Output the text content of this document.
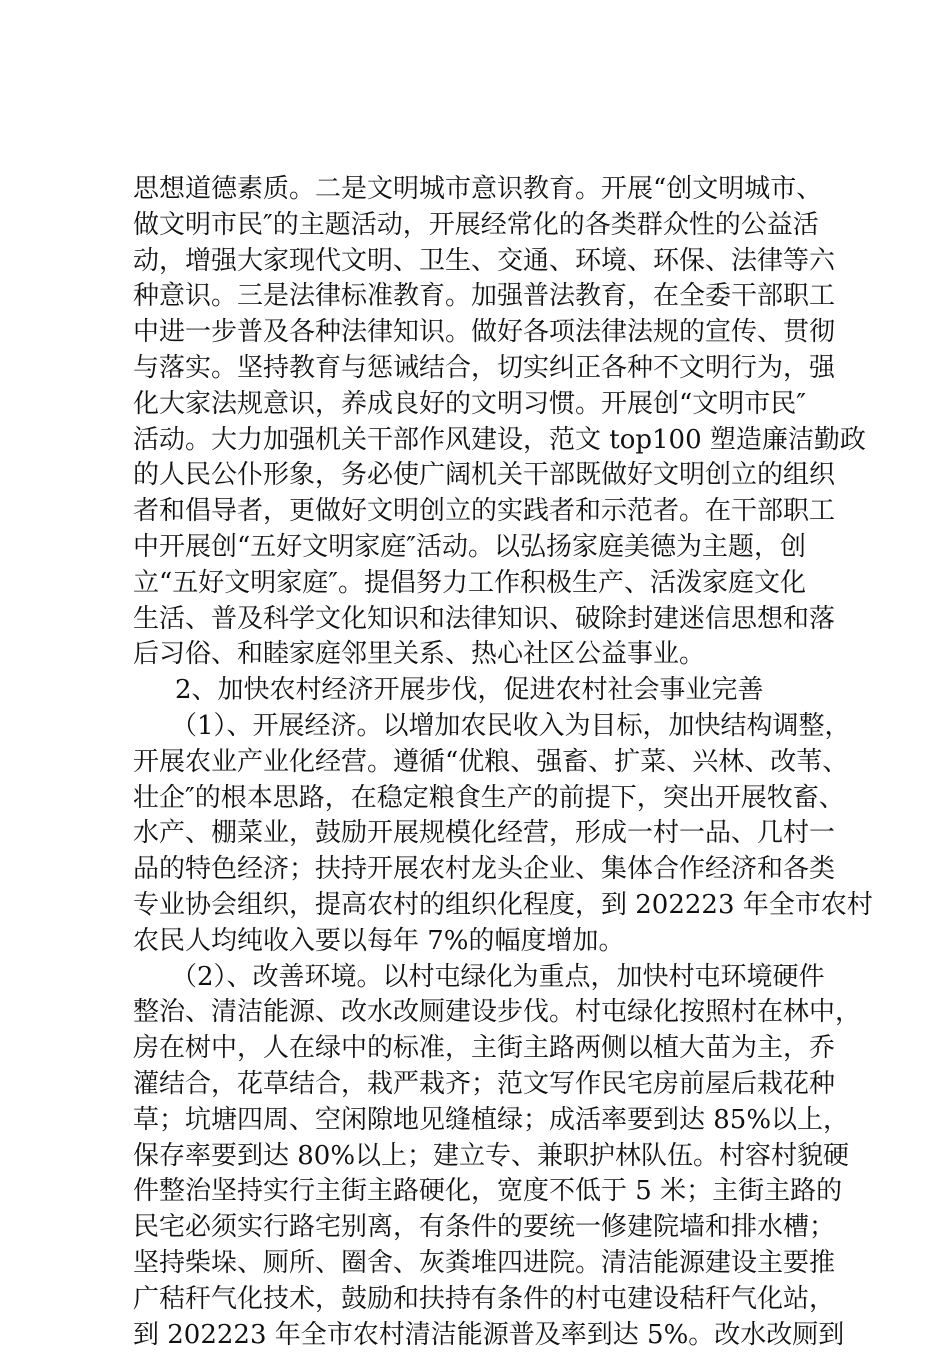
思想道德素质。二是文明城市意识教育。开展“创文明城市、
做文明市民″的主题活动，开展经常化的各类群众性的公益活
动，增强大家现代文明、卫生、交通、环境、环保、法律等六
种意识。三是法律标准教育。加强普法教育，在全委干部职工
中进一步普及各种法律知识。做好各项法律法规的宣传、贯彻
与落实。坚持教育与惩诫结合，切实纠正各种不文明行为，强
化大家法规意识，养成良好的文明习惯。开展创“文明市民″
活动。大力加强机关干部作风建设，范文 top100 塑造廉洁勤政
的人民公仆形象，务必使广阔机关干部既做好文明创立的组织
者和倡导者，更做好文明创立的实践者和示范者。在干部职工
中开展创“五好文明家庭″活动。以弘扬家庭美德为主题，创
立“五好文明家庭″。提倡努力工作积极生产、活泼家庭文化
生活、普及科学文化知识和法律知识、破除封建迷信思想和落
后习俗、和睦家庭邻里关系、热心社区公益事业。
2、加快农村经济开展步伐，促进农村社会事业完善
（1）、开展经济。以增加农民收入为目标，加快结构调整，
开展农业产业化经营。遵循“优粮、强畜、扩菜、兴林、改苇、
壮企″的根本思路，在稳定粮食生产的前提下，突出开展牧畜、
水产、棚菜业，鼓励开展规模化经营，形成一村一品、几村一
品的特色经济；扶持开展农村龙头企业、集体合作经济和各类
专业协会组织，提高农村的组织化程度，到 202223 年全市农村
农民人均纯收入要以每年 7%的幅度增加。
（2）、改善环境。以村屯绿化为重点，加快村屯环境硬件
整治、清洁能源、改水改厕建设步伐。村屯绿化按照村在林中，
房在树中，人在绿中的标准，主街主路两侧以植大苗为主，乔
灌结合，花草结合，栽严栽齐；范文写作民宅房前屋后栽花种
草；坑塘四周、空闲隙地见缝植绿；成活率要到达 85%以上，
保存率要到达 80%以上；建立专、兼职护林队伍。村容村貌硬
件整治坚持实行主街主路硬化，宽度不低于 5 米；主街主路的
民宅必须实行路宅别离，有条件的要统一修建院墙和排水槽；
坚持柴垛、厕所、圈舍、灰粪堆四进院。清洁能源建设主要推
广秸秆气化技术，鼓励和扶持有条件的村屯建设秸秆气化站，
到 202223 年全市农村清洁能源普及率到达 5%。改水改厕到
